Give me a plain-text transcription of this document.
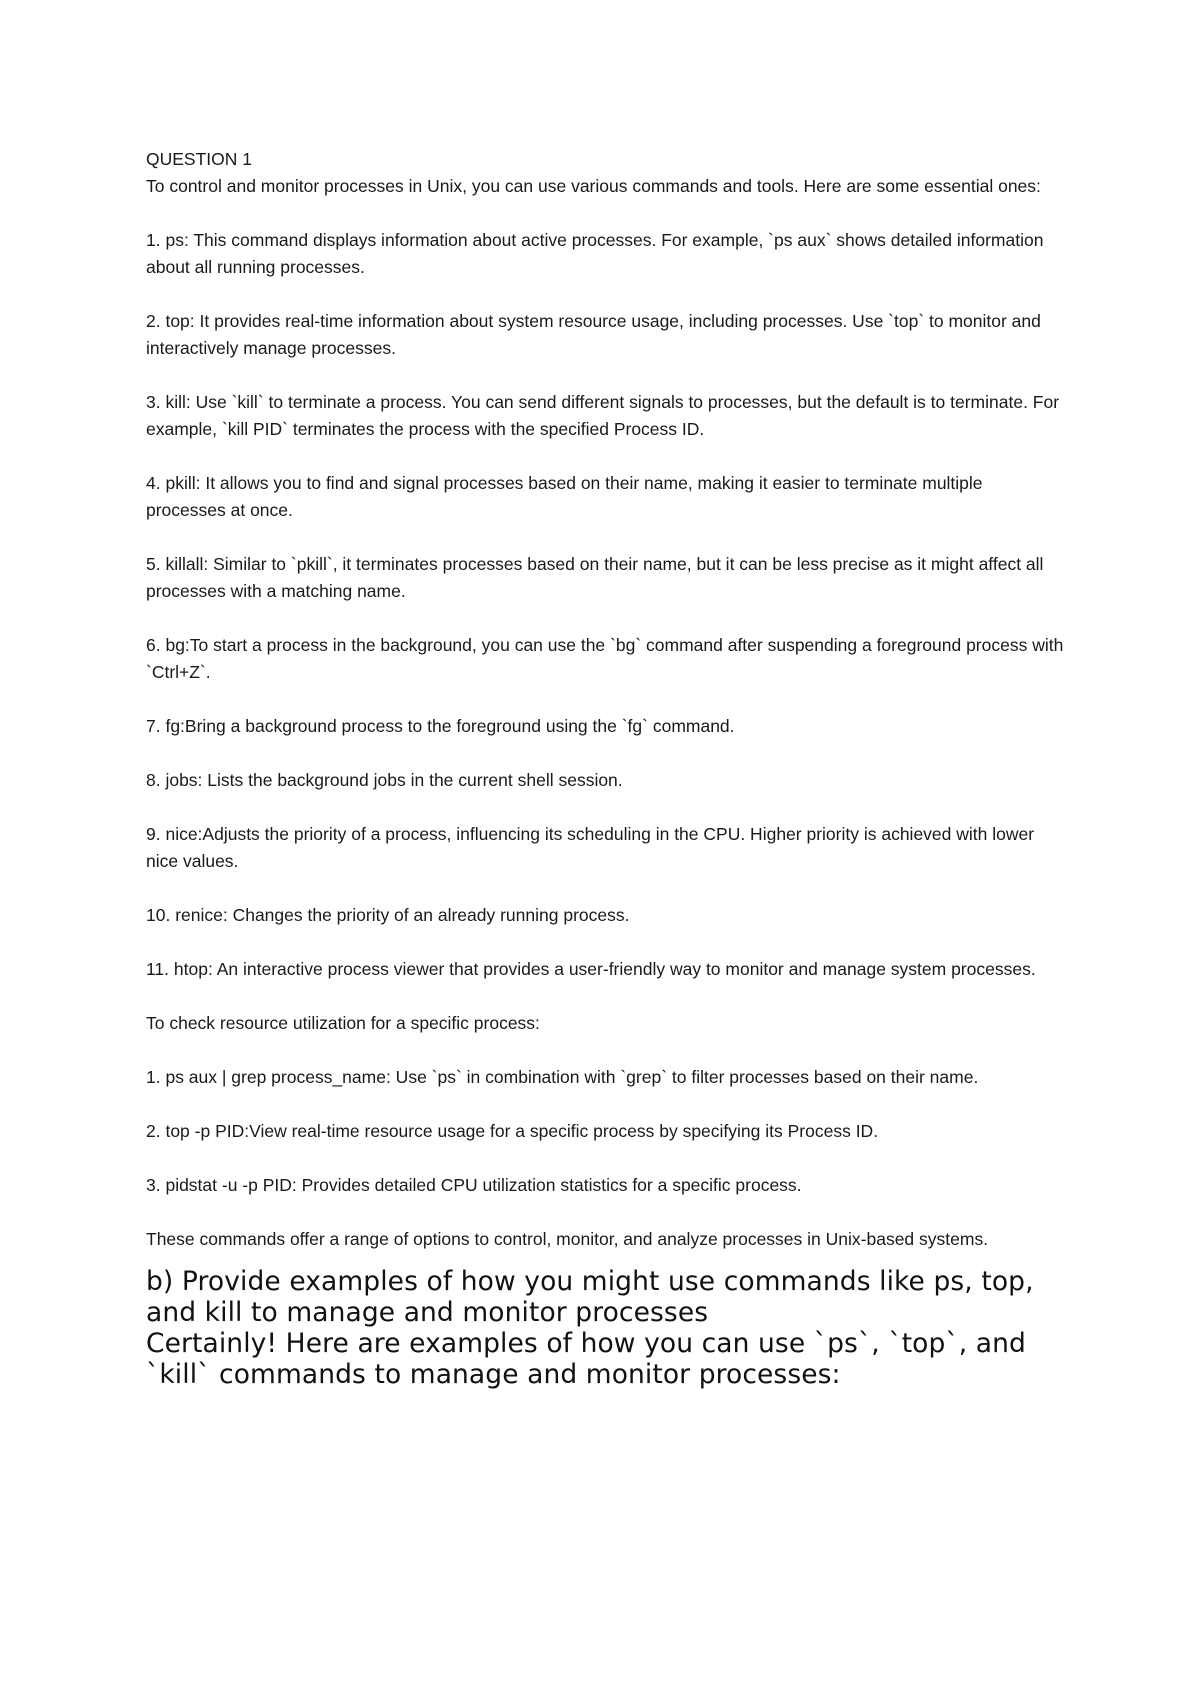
QUESTION 1

To control and monitor processes in Unix, you can use various commands and tools. Here are some essential ones:

1. ps: This command displays information about active processes. For example, `ps aux` shows detailed information about all running processes.

2. top: It provides real-time information about system resource usage, including processes. Use `top` to monitor and interactively manage processes.

3. kill: Use `kill` to terminate a process. You can send different signals to processes, but the default is to terminate. For example, `kill PID` terminates the process with the specified Process ID.

4. pkill: It allows you to find and signal processes based on their name, making it easier to terminate multiple processes at once.

5. killall: Similar to `pkill`, it terminates processes based on their name, but it can be less precise as it might affect all processes with a matching name.

6. bg:To start a process in the background, you can use the `bg` command after suspending a foreground process with `Ctrl+Z`.

7. fg:Bring a background process to the foreground using the `fg` command.

8. jobs: Lists the background jobs in the current shell session.

9. nice:Adjusts the priority of a process, influencing its scheduling in the CPU. Higher priority is achieved with lower nice values.

10. renice: Changes the priority of an already running process.

11. htop: An interactive process viewer that provides a user-friendly way to monitor and manage system processes.

To check resource utilization for a specific process:

1. ps aux | grep process_name: Use `ps` in combination with `grep` to filter processes based on their name.

2. top -p PID:View real-time resource usage for a specific process by specifying its Process ID.

3. pidstat -u -p PID: Provides detailed CPU utilization statistics for a specific process.

These commands offer a range of options to control, monitor, and analyze processes in Unix-based systems.

b) Provide examples of how you might use commands like ps, top, and kill to manage and monitor processes

Certainly! Here are examples of how you can use `ps`, `top`, and `kill` commands to manage and monitor processes:
